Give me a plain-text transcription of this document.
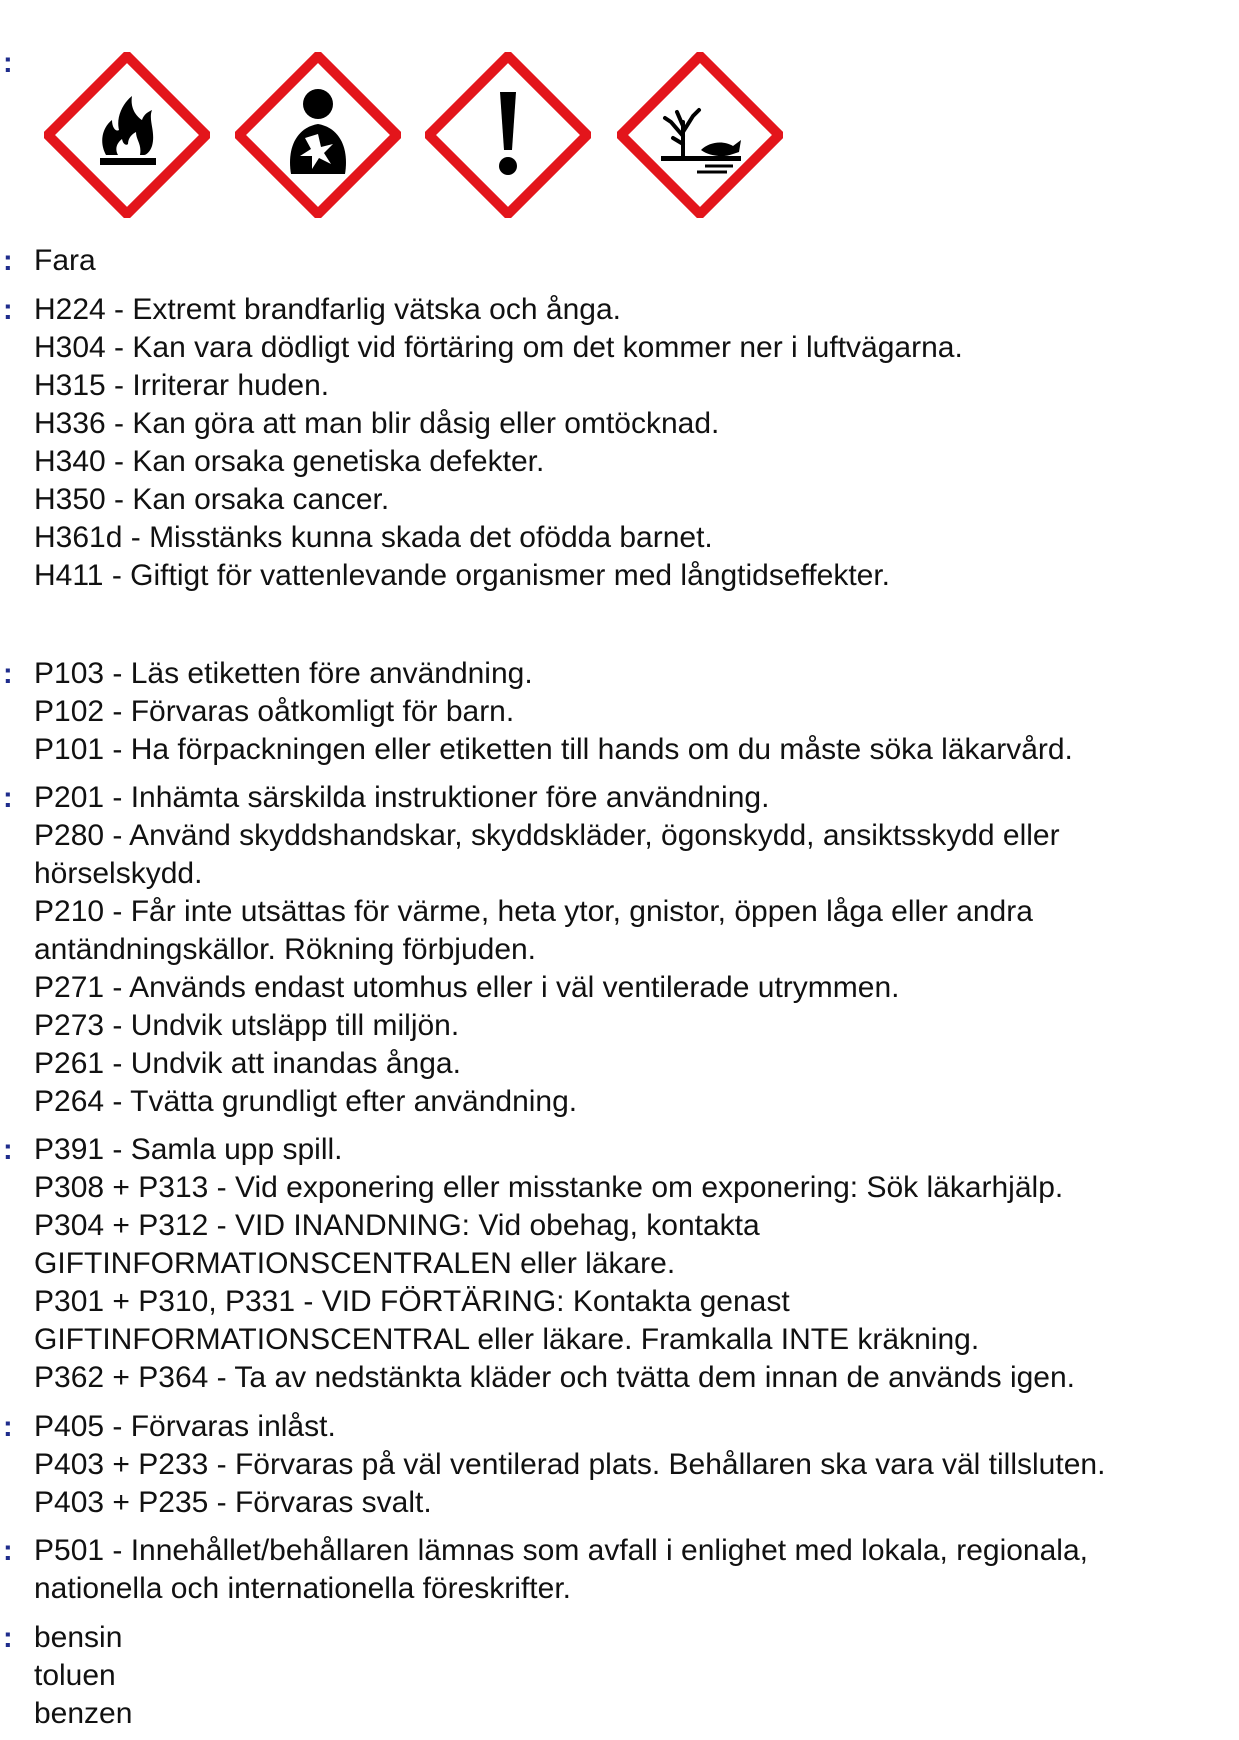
:
: Fara
: H224 - Extremt brandfarlig vätska och ånga.
H304 - Kan vara dödligt vid förtäring om det kommer ner i luftvägarna.
H315 - Irriterar huden.
H336 - Kan göra att man blir dåsig eller omtöcknad.
H340 - Kan orsaka genetiska defekter.
H350 - Kan orsaka cancer.
H361d - Misstänks kunna skada det ofödda barnet.
H411 - Giftigt för vattenlevande organismer med långtidseffekter.
: P103 - Läs etiketten före användning.
P102 - Förvaras oåtkomligt för barn.
P101 - Ha förpackningen eller etiketten till hands om du måste söka läkarvård.
: P201 - Inhämta särskilda instruktioner före användning.
P280 - Använd skyddshandskar, skyddskläder, ögonskydd, ansiktsskydd eller
hörselskydd.
P210 - Får inte utsättas för värme, heta ytor, gnistor, öppen låga eller andra
antändningskällor. Rökning förbjuden.
P271 - Används endast utomhus eller i väl ventilerade utrymmen.
P273 - Undvik utsläpp till miljön.
P261 - Undvik att inandas ånga.
P264 - Tvätta grundligt efter användning.
: P391 - Samla upp spill.
P308 + P313 - Vid exponering eller misstanke om exponering: Sök läkarhjälp.
P304 + P312 - VID INANDNING: Vid obehag, kontakta
GIFTINFORMATIONSCENTRALEN eller läkare.
P301 + P310, P331 - VID FÖRTÄRING: Kontakta genast
GIFTINFORMATIONSCENTRAL eller läkare. Framkalla INTE kräkning.
P362 + P364 - Ta av nedstänkta kläder och tvätta dem innan de används igen.
: P405 - Förvaras inlåst.
P403 + P233 - Förvaras på väl ventilerad plats. Behållaren ska vara väl tillsluten.
P403 + P235 - Förvaras svalt.
: P501 - Innehållet/behållaren lämnas som avfall i enlighet med lokala, regionala,
nationella och internationella föreskrifter.
: bensin
toluen
benzen
